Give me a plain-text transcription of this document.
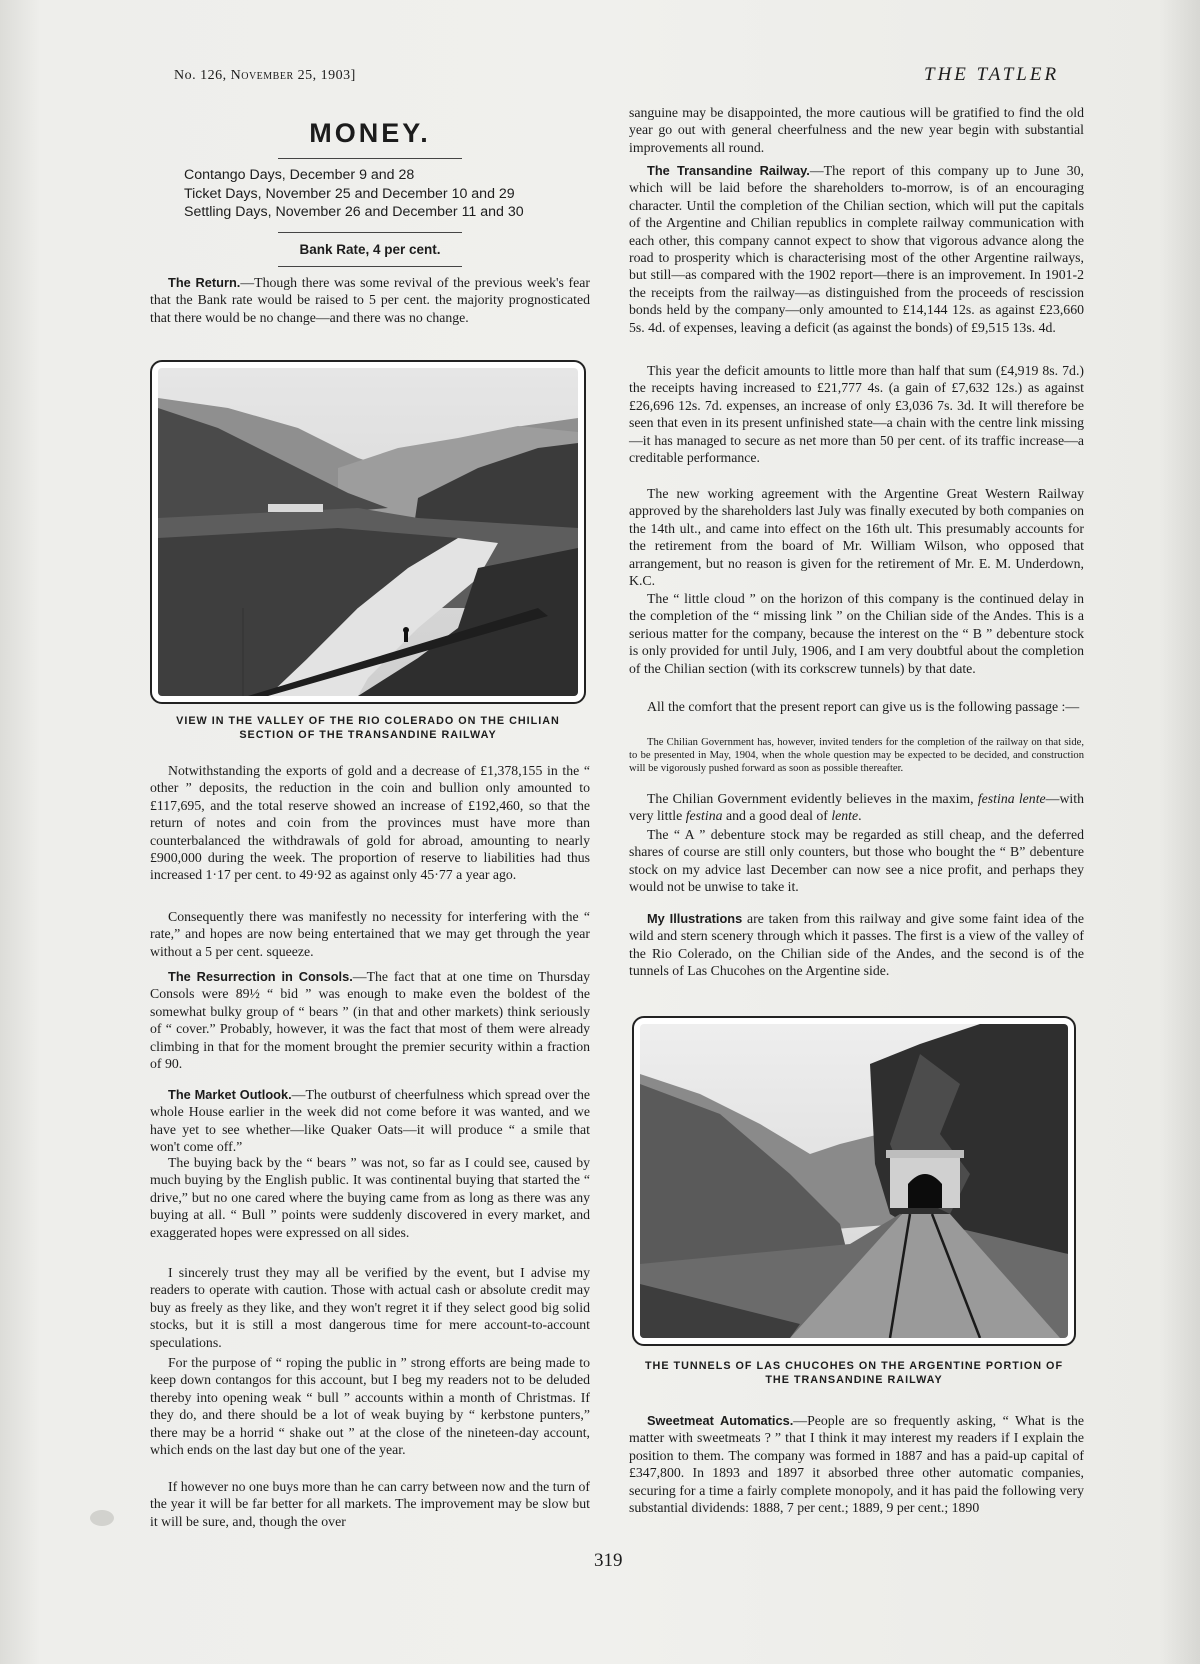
No. 126, November 25, 1903]	THE TATLER
MONEY.
Contango Days, December 9 and 28
Ticket Days, November 25 and December 10 and 29
Settling Days, November 26 and December 11 and 30
Bank Rate, 4 per cent.

The Return.—Though there was some revival of the previous week's fear that the Bank rate would be raised to 5 per cent. the majority prognosticated that there would be no change—and there was no change.

VIEW IN THE VALLEY OF THE RIO COLERADO ON THE CHILIAN SECTION OF THE TRANSANDINE RAILWAY

Notwithstanding the exports of gold and a decrease of £1,378,155 in the “ other ” deposits, the reduction in the coin and bullion only amounted to £117,695, and the total reserve showed an increase of £192,460, so that the return of notes and coin from the provinces must have more than counterbalanced the withdrawals of gold for abroad, amounting to nearly £900,000 during the week. The proportion of reserve to liabilities had thus increased 1·17 per cent. to 49·92 as against only 45·77 a year ago.

Consequently there was manifestly no necessity for interfering with the “ rate,” and hopes are now being entertained that we may get through the year without a 5 per cent. squeeze.

The Resurrection in Consols.—The fact that at one time on Thursday Consols were 89½ “ bid ” was enough to make even the boldest of the somewhat bulky group of “ bears ” (in that and other markets) think seriously of “ cover.” Probably, however, it was the fact that most of them were already climbing in that for the moment brought the premier security within a fraction of 90.

The Market Outlook.—The outburst of cheerfulness which spread over the whole House earlier in the week did not come before it was wanted, and we have yet to see whether—like Quaker Oats—it will produce “ a smile that won't come off.”

The buying back by the “ bears ” was not, so far as I could see, caused by much buying by the English public. It was continental buying that started the “ drive,” but no one cared where the buying came from as long as there was any buying at all. “ Bull ” points were suddenly discovered in every market, and exaggerated hopes were expressed on all sides.

I sincerely trust they may all be verified by the event, but I advise my readers to operate with caution. Those with actual cash or absolute credit may buy as freely as they like, and they won't regret it if they select good big solid stocks, but it is still a most dangerous time for mere account-to-account speculations.

For the purpose of “ roping the public in ” strong efforts are being made to keep down contangos for this account, but I beg my readers not to be deluded thereby into opening weak “ bull ” accounts within a month of Christmas. If they do, and there should be a lot of weak buying by “ kerbstone punters,” there may be a horrid “ shake out ” at the close of the nineteen-day account, which ends on the last day but one of the year.

If however no one buys more than he can carry between now and the turn of the year it will be far better for all markets. The improvement may be slow but it will be sure, and, though the over

sanguine may be disappointed, the more cautious will be gratified to find the old year go out with general cheerfulness and the new year begin with substantial improvements all round.

The Transandine Railway.—The report of this company up to June 30, which will be laid before the shareholders to-morrow, is of an encouraging character. Until the completion of the Chilian section, which will put the capitals of the Argentine and Chilian republics in complete railway communication with each other, this company cannot expect to show that vigorous advance along the road to prosperity which is characterising most of the other Argentine railways, but still—as compared with the 1902 report—there is an improvement. In 1901-2 the receipts from the railway—as distinguished from the proceeds of rescission bonds held by the company—only amounted to £14,144 12s. as against £23,660 5s. 4d. of expenses, leaving a deficit (as against the bonds) of £9,515 13s. 4d.

This year the deficit amounts to little more than half that sum (£4,919 8s. 7d.) the receipts having increased to £21,777 4s. (a gain of £7,632 12s.) as against £26,696 12s. 7d. expenses, an increase of only £3,036 7s. 3d. It will therefore be seen that even in its present unfinished state—a chain with the centre link missing—it has managed to secure as net more than 50 per cent. of its traffic increase—a creditable performance.

The new working agreement with the Argentine Great Western Railway approved by the shareholders last July was finally executed by both companies on the 14th ult., and came into effect on the 16th ult. This presumably accounts for the retirement from the board of Mr. William Wilson, who opposed that arrangement, but no reason is given for the retirement of Mr. E. M. Underdown, K.C.

The “ little cloud ” on the horizon of this company is the continued delay in the completion of the “ missing link ” on the Chilian side of the Andes. This is a serious matter for the company, because the interest on the “ B ” debenture stock is only provided for until July, 1906, and I am very doubtful about the completion of the Chilian section (with its corkscrew tunnels) by that date.

All the comfort that the present report can give us is the following passage :—

The Chilian Government has, however, invited tenders for the completion of the railway on that side, to be presented in May, 1904, when the whole question may be expected to be decided, and construction will be vigorously pushed forward as soon as possible thereafter.

The Chilian Government evidently believes in the maxim, festina lente—with very little festina and a good deal of lente.

The “ A ” debenture stock may be regarded as still cheap, and the deferred shares of course are still only counters, but those who bought the “ B” debenture stock on my advice last December can now see a nice profit, and perhaps they would not be unwise to take it.

My Illustrations are taken from this railway and give some faint idea of the wild and stern scenery through which it passes. The first is a view of the valley of the Rio Colerado, on the Chilian side of the Andes, and the second is of the tunnels of Las Chucohes on the Argentine side.

THE TUNNELS OF LAS CHUCOHES ON THE ARGENTINE PORTION OF THE TRANSANDINE RAILWAY

Sweetmeat Automatics.—People are so frequently asking, “ What is the matter with sweetmeats ? ” that I think it may interest my readers if I explain the position to them. The company was formed in 1887 and has a paid-up capital of £347,800. In 1893 and 1897 it absorbed three other automatic companies, securing for a time a fairly complete monopoly, and it has paid the following very substantial dividends: 1888, 7 per cent.; 1889, 9 per cent.; 1890

319
